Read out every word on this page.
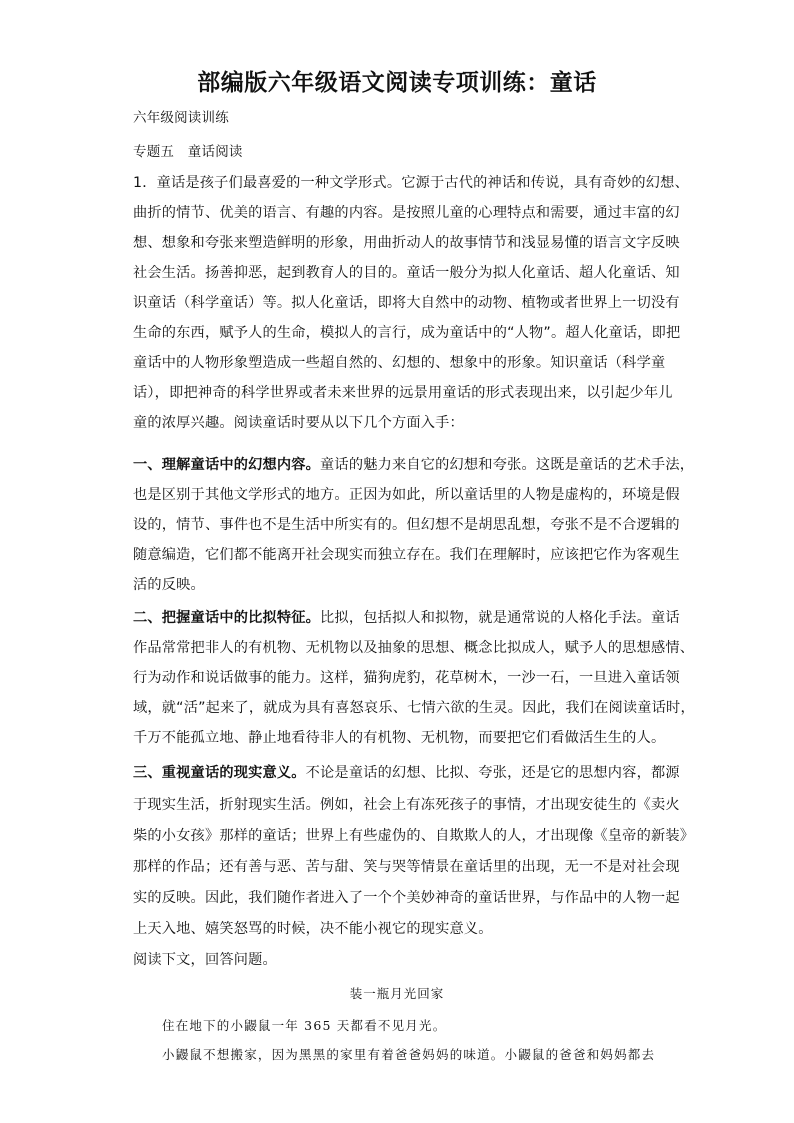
部编版六年级语文阅读专项训练：童话
六年级阅读训练
专题五　童话阅读
1．童话是孩子们最喜爱的一种文学形式。它源于古代的神话和传说，具有奇妙的幻想、
曲折的情节、优美的语言、有趣的内容。是按照儿童的心理特点和需要，通过丰富的幻
想、想象和夸张来塑造鲜明的形象，用曲折动人的故事情节和浅显易懂的语言文字反映
社会生活。扬善抑恶，起到教育人的目的。童话一般分为拟人化童话、超人化童话、知
识童话（科学童话）等。拟人化童话，即将大自然中的动物、植物或者世界上一切没有
生命的东西，赋予人的生命，模拟人的言行，成为童话中的“人物”。超人化童话，即把
童话中的人物形象塑造成一些超自然的、幻想的、想象中的形象。知识童话（科学童
话），即把神奇的科学世界或者未来世界的远景用童话的形式表现出来，以引起少年儿
童的浓厚兴趣。阅读童话时要从以下几个方面入手：
一、理解童话中的幻想内容。童话的魅力来自它的幻想和夸张。这既是童话的艺术手法，
也是区别于其他文学形式的地方。正因为如此，所以童话里的人物是虚构的，环境是假
设的，情节、事件也不是生活中所实有的。但幻想不是胡思乱想，夸张不是不合逻辑的
随意编造，它们都不能离开社会现实而独立存在。我们在理解时，应该把它作为客观生
活的反映。
二、把握童话中的比拟特征。比拟，包括拟人和拟物，就是通常说的人格化手法。童话
作品常常把非人的有机物、无机物以及抽象的思想、概念比拟成人，赋予人的思想感情、
行为动作和说话做事的能力。这样，猫狗虎豹，花草树木，一沙一石，一旦进入童话领
域，就“活”起来了，就成为具有喜怒哀乐、七情六欲的生灵。因此，我们在阅读童话时，
千万不能孤立地、静止地看待非人的有机物、无机物，而要把它们看做活生生的人。
三、重视童话的现实意义。不论是童话的幻想、比拟、夸张，还是它的思想内容，都源
于现实生活，折射现实生活。例如，社会上有冻死孩子的事情，才出现安徒生的《卖火
柴的小女孩》那样的童话；世界上有些虚伪的、自欺欺人的人，才出现像《皇帝的新装》
那样的作品；还有善与恶、苦与甜、笑与哭等情景在童话里的出现，无一不是对社会现
实的反映。因此，我们随作者进入了一个个美妙神奇的童话世界，与作品中的人物一起
上天入地、嬉笑怒骂的时候，决不能小视它的现实意义。
阅读下文，回答问题。
装一瓶月光回家
住在地下的小鼹鼠一年 365 天都看不见月光。
小鼹鼠不想搬家，因为黑黑的家里有着爸爸妈妈的味道。小鼹鼠的爸爸和妈妈都去
